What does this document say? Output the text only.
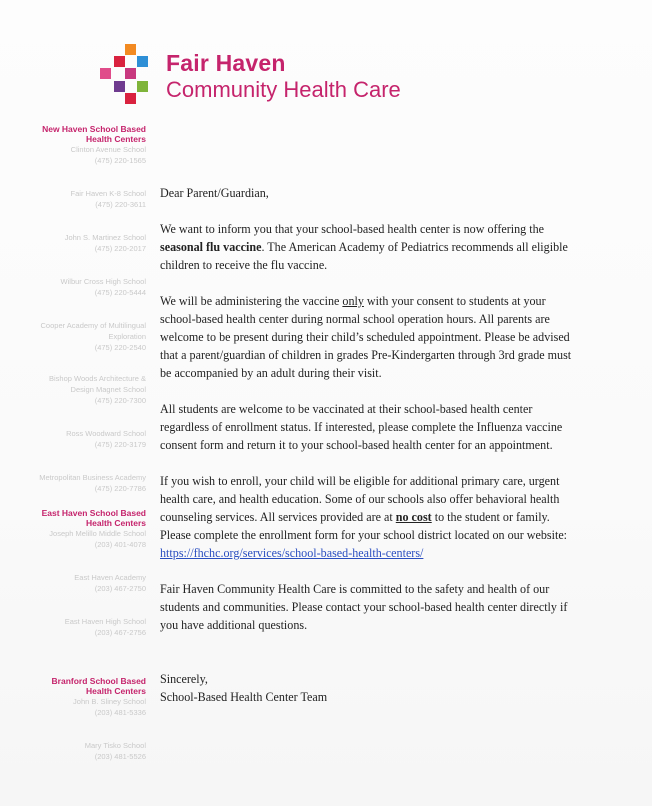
Fair Haven
Community Health Care
New Haven School Based Health Centers
Clinton Avenue School
(475) 220-1565
Fair Haven K-8 School
(475) 220-3611
John S. Martinez School
(475) 220-2017
Wilbur Cross High School
(475) 220-5444
Cooper Academy of Multilingual Exploration
(475) 220-2540
Bishop Woods Architecture & Design Magnet School
(475) 220-7300
Ross Woodward School
(475) 220-3179
Metropolitan Business Academy
(475) 220-7786
East Haven School Based Health Centers
Joseph Melillo Middle School
(203) 401-4078
East Haven Academy
(203) 467-2750
East Haven High School
(203) 467-2756
Branford School Based Health Centers
John B. Sliney School
(203) 481-5336
Mary Tisko School
(203) 481-5526

Dear Parent/Guardian,

We want to inform you that your school-based health center is now offering the seasonal flu vaccine. The American Academy of Pediatrics recommends all eligible children to receive the flu vaccine.

We will be administering the vaccine only with your consent to students at your school-based health center during normal school operation hours. All parents are welcome to be present during their child’s scheduled appointment. Please be advised that a parent/guardian of children in grades Pre-Kindergarten through 3rd grade must be accompanied by an adult during their visit.

All students are welcome to be vaccinated at their school-based health center regardless of enrollment status. If interested, please complete the Influenza vaccine consent form and return it to your school-based health center for an appointment.

If you wish to enroll, your child will be eligible for additional primary care, urgent health care, and health education. Some of our schools also offer behavioral health counseling services. All services provided are at no cost to the student or family. Please complete the enrollment form for your school district located on our website: https://fhchc.org/services/school-based-health-centers/

Fair Haven Community Health Care is committed to the safety and health of our students and communities. Please contact your school-based health center directly if you have additional questions.

Sincerely,

School-Based Health Center Team
